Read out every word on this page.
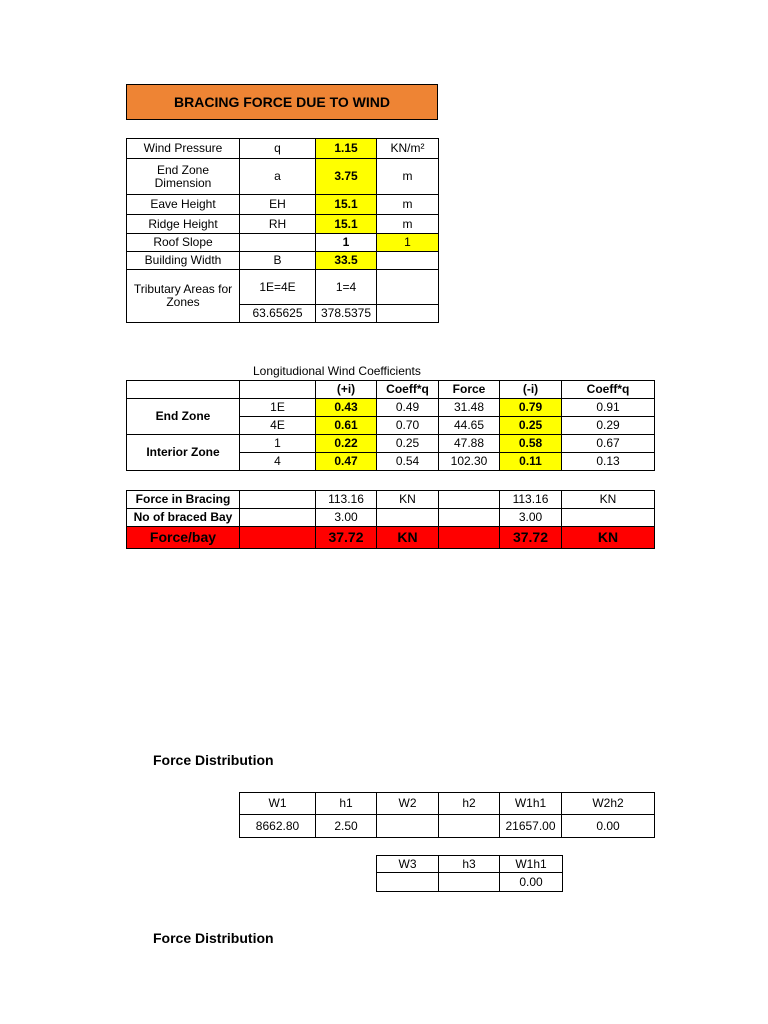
BRACING FORCE DUE TO WIND
Wind Pressure	q	1.15	KN/m²
End Zone Dimension	a	3.75	m
Eave Height	EH	15.1	m
Ridge Height	RH	15.1	m
Roof Slope		1	1
Building Width	B	33.5	
Tributary Areas for Zones	1E=4E	1=4	
	63.65625	378.5375	
Longitudional Wind Coefficients
		(+i)	Coeff*q	Force	(-i)	Coeff*q
End Zone	1E	0.43	0.49	31.48	0.79	0.91
	4E	0.61	0.70	44.65	0.25	0.29
Interior Zone	1	0.22	0.25	47.88	0.58	0.67
	4	0.47	0.54	102.30	0.11	0.13
Force in Bracing		113.16	KN		113.16	KN
No of braced Bay		3.00			3.00	
Force/bay		37.72	KN		37.72	KN
Force Distribution
W1	h1	W2	h2	W1h1	W2h2
8662.80	2.50			21657.00	0.00
W3	h3	W1h1
		0.00
Force Distribution
